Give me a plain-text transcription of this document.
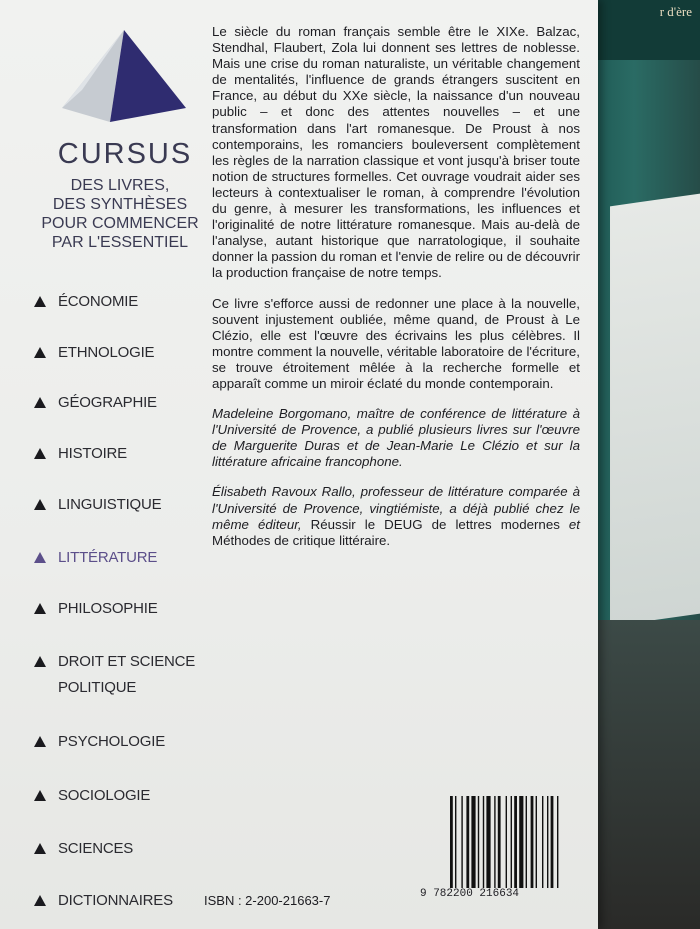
r d'ère
CURSUS
DES LIVRES,
DES SYNTHÈSES
POUR COMMENCER
PAR L'ESSENTIEL
ÉCONOMIE
ETHNOLOGIE
GÉOGRAPHIE
HISTOIRE
LINGUISTIQUE
LITTÉRATURE
PHILOSOPHIE
DROIT ET SCIENCE
POLITIQUE
PSYCHOLOGIE
SOCIOLOGIE
SCIENCES
DICTIONNAIRES

Le siècle du roman français semble être le XIXe. Balzac, Stendhal, Flaubert, Zola lui donnent ses lettres de noblesse. Mais une crise du roman naturaliste, un véritable changement de mentalités, l'influence de grands étrangers suscitent en France, au début du XXe siècle, la naissance d'un nouveau public – et donc des attentes nouvelles – et une transformation dans l'art romanesque. De Proust à nos contemporains, les romanciers bouleversent complètement les règles de la narration classique et vont jusqu'à briser toute notion de structures formelles. Cet ouvrage voudrait aider ses lecteurs à contextualiser le roman, à comprendre l'évolution du genre, à mesurer les transformations, les influences et l'originalité de notre littérature romanesque. Mais au-delà de l'analyse, autant historique que narratologique, il souhaite donner la passion du roman et l'envie de relire ou de découvrir la production française de notre temps.

Ce livre s'efforce aussi de redonner une place à la nouvelle, souvent injustement oubliée, même quand, de Proust à Le Clézio, elle est l'œuvre des écrivains les plus célèbres. Il montre comment la nouvelle, véritable laboratoire de l'écriture, se trouve étroitement mêlée à la recherche formelle et apparaît comme un miroir éclaté du monde contemporain.

Madeleine Borgomano, maître de conférence de littérature à l'Université de Provence, a publié plusieurs livres sur l'œuvre de Marguerite Duras et de Jean-Marie Le Clézio et sur la littérature africaine francophone.

Élisabeth Ravoux Rallo, professeur de littérature comparée à l'Université de Provence, vingtiémiste, a déjà publié chez le même éditeur, Réussir le DEUG de lettres modernes et Méthodes de critique littéraire.

ISBN : 2-200-21663-7	9 782200 216634
